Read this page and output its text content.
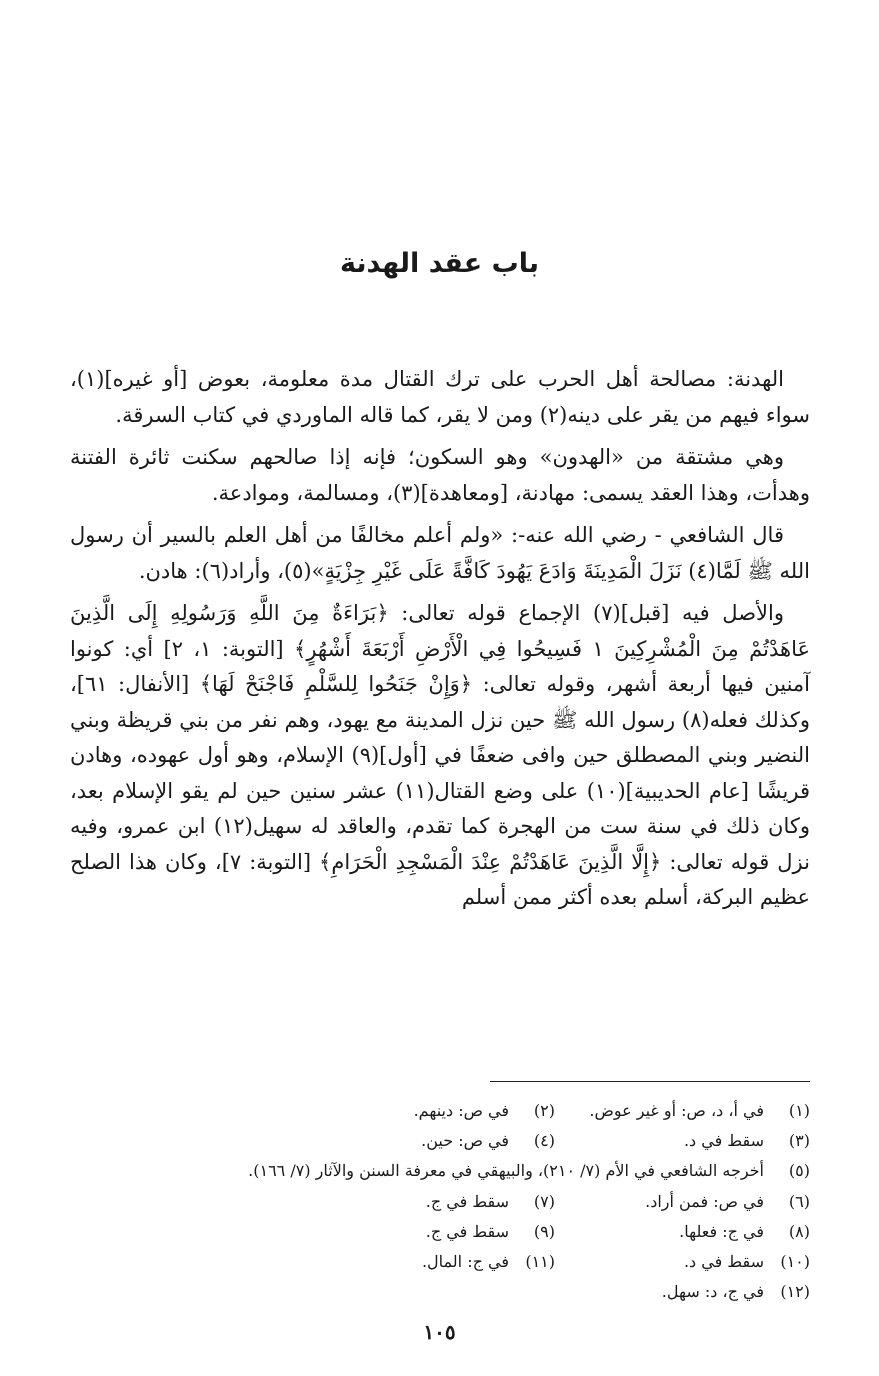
باب عقد الهدنة

الهدنة: مصالحة أهل الحرب على ترك القتال مدة معلومة، بعوض [أو غيره](١)، سواء فيهم من يقر على دينه(٢) ومن لا يقر، كما قاله الماوردي في كتاب السرقة.

وهي مشتقة من «الهدون» وهو السكون؛ فإنه إذا صالحهم سكنت ثائرة الفتنة وهدأت، وهذا العقد يسمى: مهادنة، [ومعاهدة](٣)، ومسالمة، وموادعة.

قال الشافعي - رضي الله عنه-: «ولم أعلم مخالفًا من أهل العلم بالسير أن رسول الله ﷺ لَمَّا(٤) نَزَلَ الْمَدِينَةَ وَادَعَ يَهُودَ كَافَّةً عَلَى غَيْرِ جِزْيَةٍ»(٥)، وأراد(٦): هادن.

والأصل فيه [قبل](٧) الإجماع قوله تعالى: ﴿بَرَاءَةٌ مِنَ اللَّهِ وَرَسُولِهِ إِلَى الَّذِينَ عَاهَدْتُمْ مِنَ الْمُشْرِكِينَ ١ فَسِيحُوا فِي الْأَرْضِ أَرْبَعَةَ أَشْهُرٍ﴾ [التوبة: ١، ٢] أي: كونوا آمنين فيها أربعة أشهر، وقوله تعالى: ﴿وَإِنْ جَنَحُوا لِلسَّلْمِ فَاجْنَحْ لَهَا﴾ [الأنفال: ٦١]، وكذلك فعله(٨) رسول الله ﷺ حين نزل المدينة مع يهود، وهم نفر من بني قريظة وبني النضير وبني المصطلق حين وافى ضعفًا في [أول](٩) الإسلام، وهو أول عهوده، وهادن قريشًا [عام الحديبية](١٠) على وضع القتال(١١) عشر سنين حين لم يقو الإسلام بعد، وكان ذلك في سنة ست من الهجرة كما تقدم، والعاقد له سهيل(١٢) ابن عمرو، وفيه نزل قوله تعالى: ﴿إِلَّا الَّذِينَ عَاهَدْتُمْ عِنْدَ الْمَسْجِدِ الْحَرَامِ﴾ [التوبة: ٧]، وكان هذا الصلح عظيم البركة، أسلم بعده أكثر ممن أسلم

(١)
في أ، د، ص: أو غير عوض.
(٢)
في ص: دينهم.
(٣)
سقط في د.
(٤)
في ص: حين.
(٥)
أخرجه الشافعي في الأم (٧/ ٢١٠)، والبيهقي في معرفة السنن والآثار (٧/ ١٦٦).
(٦)
في ص: فمن أراد.
(٧)
سقط في ج.
(٨)
في ج: فعلها.
(٩)
سقط في ج.
(١٠)
سقط في د.
(١١)
في ج: المال.
(١٢)
في ج، د: سهل.
١٠٥
